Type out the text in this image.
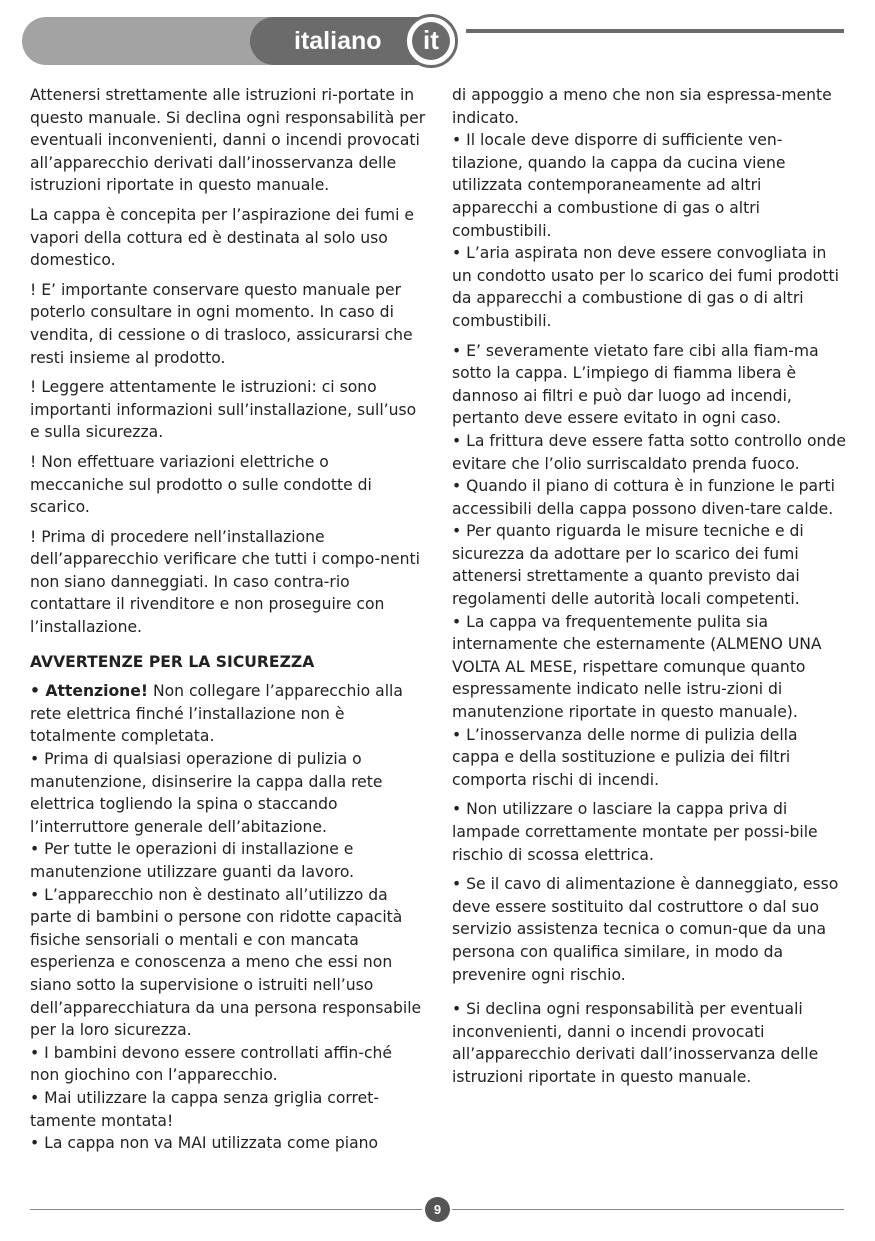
italiano	it

Attenersi strettamente alle istruzioni ri-portate in questo manuale. Si declina ogni responsabilità per eventuali inconvenienti, danni o incendi provocati all’apparecchio derivati dall’inosservanza delle istruzioni riportate in questo manuale.

La cappa è concepita per l’aspirazione dei fumi e vapori della cottura ed è destinata al solo uso domestico.

! E’ importante conservare questo manuale per poterlo consultare in ogni momento. In caso di vendita, di cessione o di trasloco, assicurarsi che resti insieme al prodotto.

! Leggere attentamente le istruzioni: ci sono importanti informazioni sull’installazione, sull’uso e sulla sicurezza.

! Non effettuare variazioni elettriche o meccaniche sul prodotto o sulle condotte di scarico.

! Prima di procedere nell’installazione dell’apparecchio verificare che tutti i compo-nenti non siano danneggiati. In caso contra-rio contattare il rivenditore e non proseguire con l’installazione.

AVVERTENZE PER LA SICUREZZA

• Attenzione! Non collegare l’apparecchio alla rete elettrica finché l’installazione non è totalmente completata.

• Prima di qualsiasi operazione di pulizia o manutenzione, disinserire la cappa dalla rete elettrica togliendo la spina o staccando l’interruttore generale dell’abitazione.

• Per tutte le operazioni di installazione e manutenzione utilizzare guanti da lavoro.

• L’apparecchio non è destinato all’utilizzo da parte di bambini o persone con ridotte capacità fisiche sensoriali o mentali e con mancata esperienza e conoscenza a meno che essi non siano sotto la supervisione o istruiti nell’uso dell’apparecchiatura da una persona responsabile per la loro sicurezza.

• I bambini devono essere controllati affin-ché non giochino con l’apparecchio.

• Mai utilizzare la cappa senza griglia corret-tamente montata!

• La cappa non va MAI utilizzata come piano

di appoggio a meno che non sia espressa-mente indicato.

• Il locale deve disporre di sufficiente ven-tilazione, quando la cappa da cucina viene utilizzata contemporaneamente ad altri apparecchi a combustione di gas o altri combustibili.

• L’aria aspirata non deve essere convogliata in un condotto usato per lo scarico dei fumi prodotti da apparecchi a combustione di gas o di altri combustibili.

• E’ severamente vietato fare cibi alla fiam-ma sotto la cappa. L’impiego di fiamma libera è dannoso ai filtri e può dar luogo ad incendi, pertanto deve essere evitato in ogni caso.

• La frittura deve essere fatta sotto controllo onde evitare che l’olio surriscaldato prenda fuoco.

• Quando il piano di cottura è in funzione le parti accessibili della cappa possono diven-tare calde.

• Per quanto riguarda le misure tecniche e di sicurezza da adottare per lo scarico dei fumi attenersi strettamente a quanto previsto dai regolamenti delle autorità locali competenti.

• La cappa va frequentemente pulita sia internamente che esternamente (ALMENO UNA VOLTA AL MESE, rispettare comunque quanto espressamente indicato nelle istru-zioni di manutenzione riportate in questo manuale).

• L’inosservanza delle norme di pulizia della cappa e della sostituzione e pulizia dei filtri comporta rischi di incendi.

• Non utilizzare o lasciare la cappa priva di lampade correttamente montate per possi-bile rischio di scossa elettrica.

• Se il cavo di alimentazione è danneggiato, esso deve essere sostituito dal costruttore o dal suo servizio assistenza tecnica o comun-que da una persona con qualifica similare, in modo da prevenire ogni rischio.

• Si declina ogni responsabilità per eventuali inconvenienti, danni o incendi provocati all’apparecchio derivati dall’inosservanza delle istruzioni riportate in questo manuale.

9
